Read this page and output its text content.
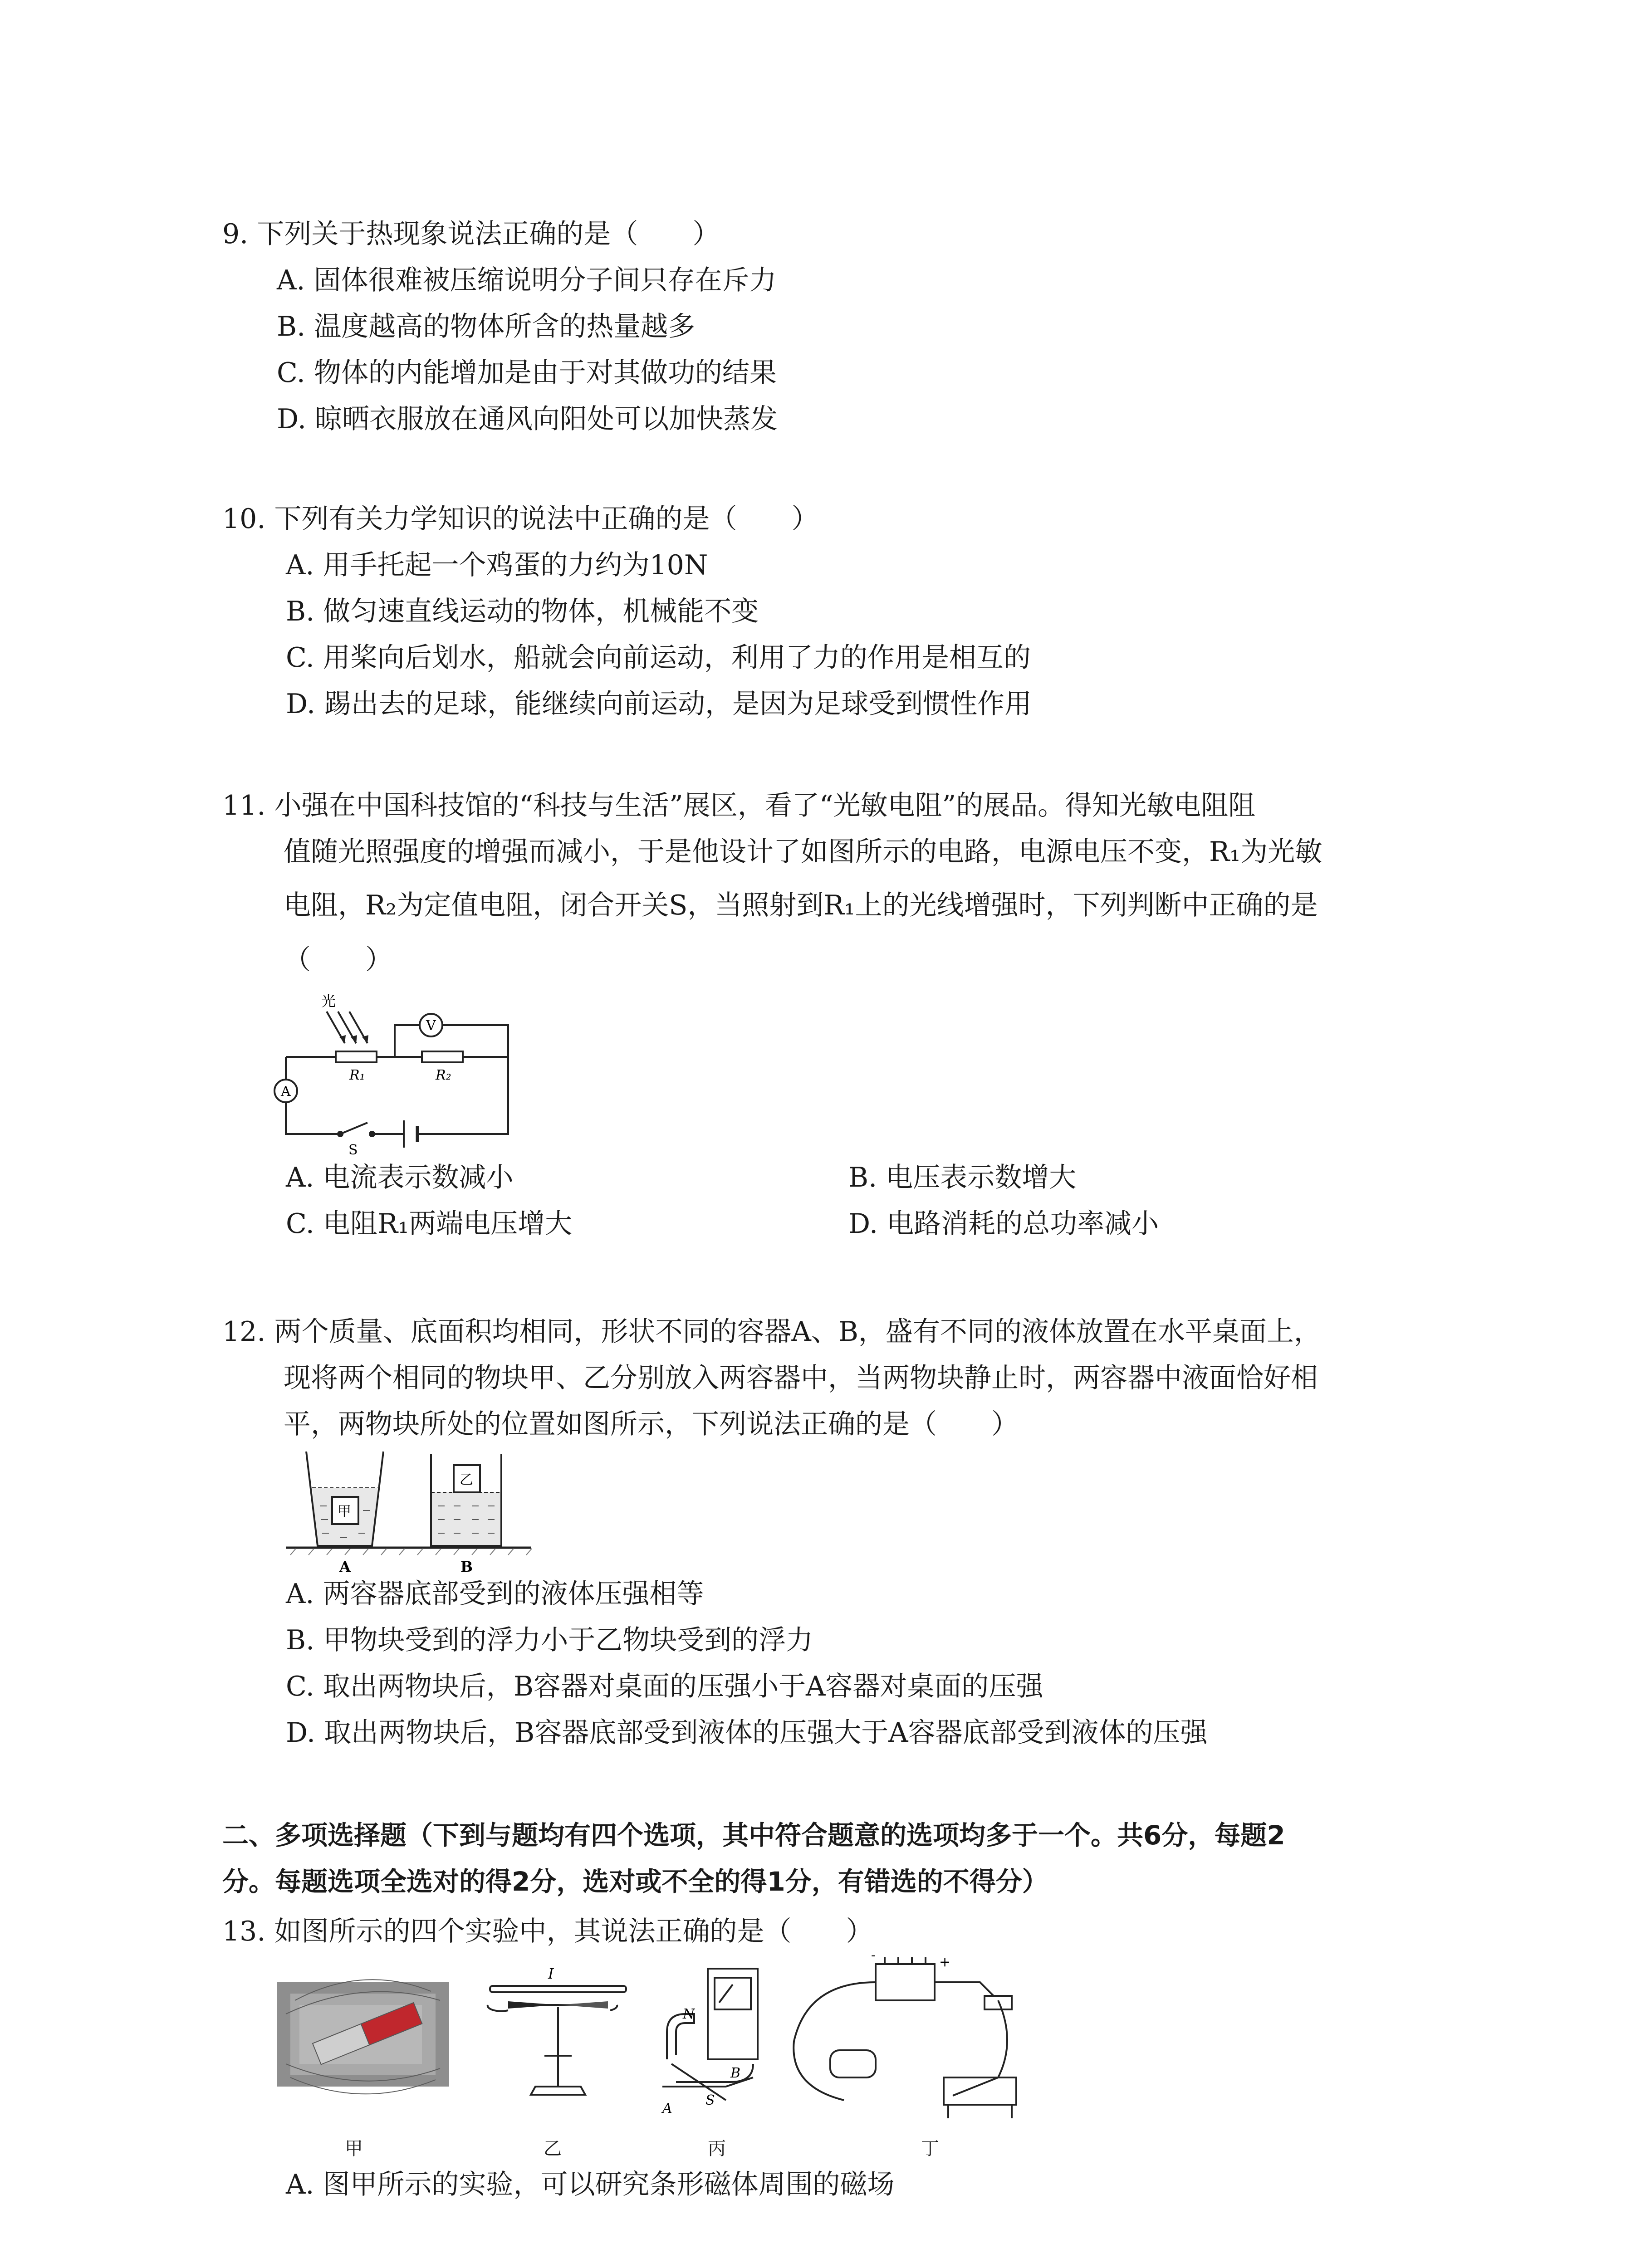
9. 下列关于热现象说法正确的是（　　）
A. 固体很难被压缩说明分子间只存在斥力
B. 温度越高的物体所含的热量越多
C. 物体的内能增加是由于对其做功的结果
D. 晾晒衣服放在通风向阳处可以加快蒸发
10. 下列有关力学知识的说法中正确的是（　　）
A. 用手托起一个鸡蛋的力约为10N
B. 做匀速直线运动的物体，机械能不变
C. 用桨向后划水，船就会向前运动，利用了力的作用是相互的
D. 踢出去的足球，能继续向前运动，是因为足球受到惯性作用
11. 小强在中国科技馆的“科技与生活”展区，看了“光敏电阻”的展品。得知光敏电阻阻
值随光照强度的增强而减小，于是他设计了如图所示的电路，电源电压不变，R₁为光敏
电阻，R₂为定值电阻，闭合开关S，当照射到R₁上的光线增强时，下列判断中正确的是
（　　）
光
R₁	R₂
V
A
S
A. 电流表示数减小	B. 电压表示数增大
C. 电阻R₁两端电压增大	D. 电路消耗的总功率减小
12. 两个质量、底面积均相同，形状不同的容器A、B，盛有不同的液体放置在水平桌面上，
现将两个相同的物块甲、乙分别放入两容器中，当两物块静止时，两容器中液面恰好相
平，两物块所处的位置如图所示，下列说法正确的是（　　）
甲
乙
A	B
A. 两容器底部受到的液体压强相等
B. 甲物块受到的浮力小于乙物块受到的浮力
C. 取出两物块后，B容器对桌面的压强小于A容器对桌面的压强
D. 取出两物块后，B容器底部受到液体的压强大于A容器底部受到液体的压强
二、多项选择题（下到与题均有四个选项，其中符合题意的选项均多于一个。共6分，每题2
分。每题选项全选对的得2分，选对或不全的得1分，有错选的不得分）
13. 如图所示的四个实验中，其说法正确的是（　　）
I
N
S
A
B
-	+
甲	乙	丙	丁
A. 图甲所示的实验，可以研究条形磁体周围的磁场
